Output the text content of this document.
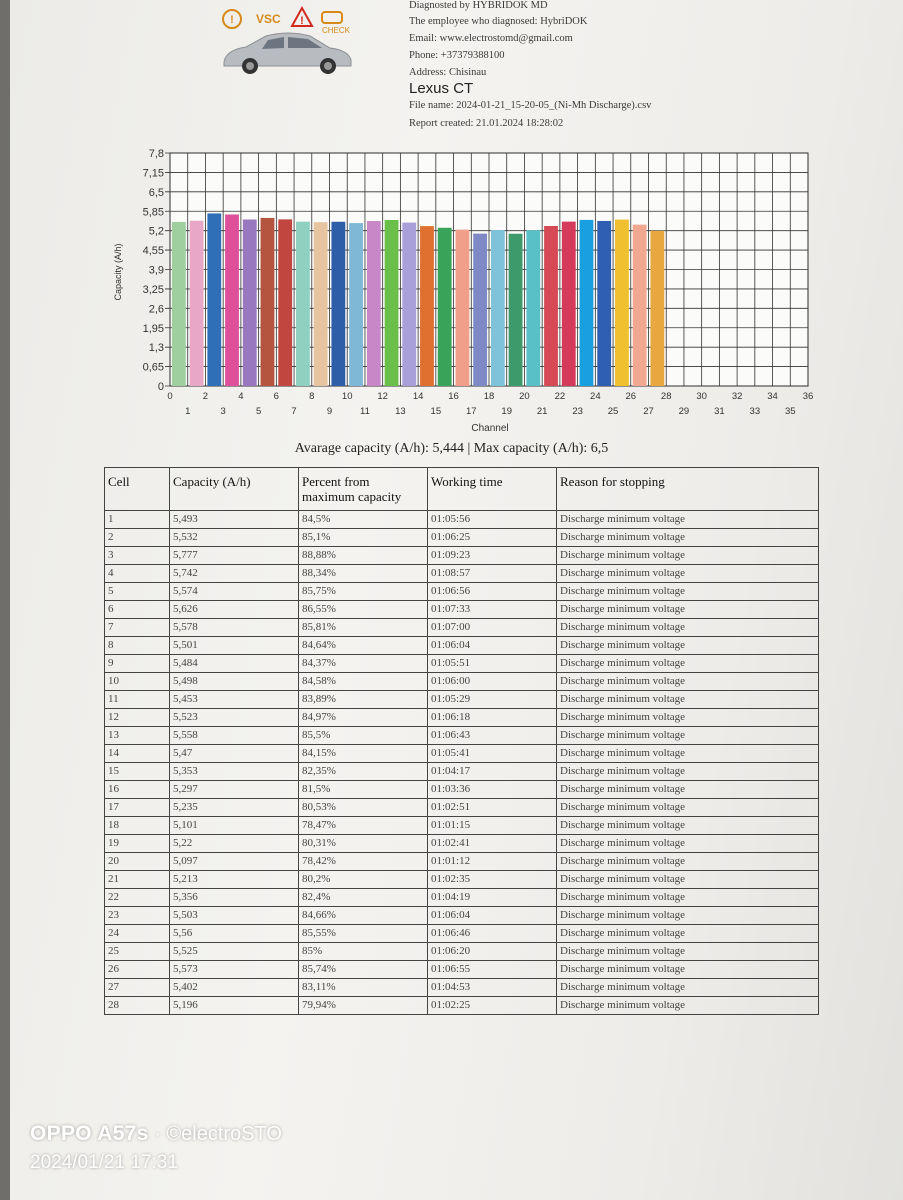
!	!
VSC
CHECK
Diagnosted by HYBRIDOK MD
The employee who diagnosed: HybriDOK
Email: www.electrostomd@gmail.com
Phone: +37379388100
Address: Chisinau
Lexus CT
File name: 2024-01-21_15-20-05_(Ni-Mh Discharge).csv
Report created: 21.01.2024 18:28:02
0
0,65
1,3
1,95
2,6
3,25
3,9
4,55
5,2
5,85
6,5
7,15
7,8
0	2	4	6	8	10	12	14	16	18	20	22	24	26	28	30	32	34	36
1	3	5	7	9	11	13	15	17	19	21	23	25	27	29	31	33	35
Capacity (A/h)
Channel
Avarage capacity (A/h): 5,444 | Max capacity (A/h): 6,5
Cell	Capacity (A/h)	Percent from maximum capacity	Working time	Reason for stopping
1	5,493	84,5%	01:05:56	Discharge minimum voltage
2	5,532	85,1%	01:06:25	Discharge minimum voltage
3	5,777	88,88%	01:09:23	Discharge minimum voltage
4	5,742	88,34%	01:08:57	Discharge minimum voltage
5	5,574	85,75%	01:06:56	Discharge minimum voltage
6	5,626	86,55%	01:07:33	Discharge minimum voltage
7	5,578	85,81%	01:07:00	Discharge minimum voltage
8	5,501	84,64%	01:06:04	Discharge minimum voltage
9	5,484	84,37%	01:05:51	Discharge minimum voltage
10	5,498	84,58%	01:06:00	Discharge minimum voltage
11	5,453	83,89%	01:05:29	Discharge minimum voltage
12	5,523	84,97%	01:06:18	Discharge minimum voltage
13	5,558	85,5%	01:06:43	Discharge minimum voltage
14	5,47	84,15%	01:05:41	Discharge minimum voltage
15	5,353	82,35%	01:04:17	Discharge minimum voltage
16	5,297	81,5%	01:03:36	Discharge minimum voltage
17	5,235	80,53%	01:02:51	Discharge minimum voltage
18	5,101	78,47%	01:01:15	Discharge minimum voltage
19	5,22	80,31%	01:02:41	Discharge minimum voltage
20	5,097	78,42%	01:01:12	Discharge minimum voltage
21	5,213	80,2%	01:02:35	Discharge minimum voltage
22	5,356	82,4%	01:04:19	Discharge minimum voltage
23	5,503	84,66%	01:06:04	Discharge minimum voltage
24	5,56	85,55%	01:06:46	Discharge minimum voltage
25	5,525	85%	01:06:20	Discharge minimum voltage
26	5,573	85,74%	01:06:55	Discharge minimum voltage
27	5,402	83,11%	01:04:53	Discharge minimum voltage
28	5,196	79,94%	01:02:25	Discharge minimum voltage
OPPO A57s · ©electroSTO
2024/01/21 17:31
